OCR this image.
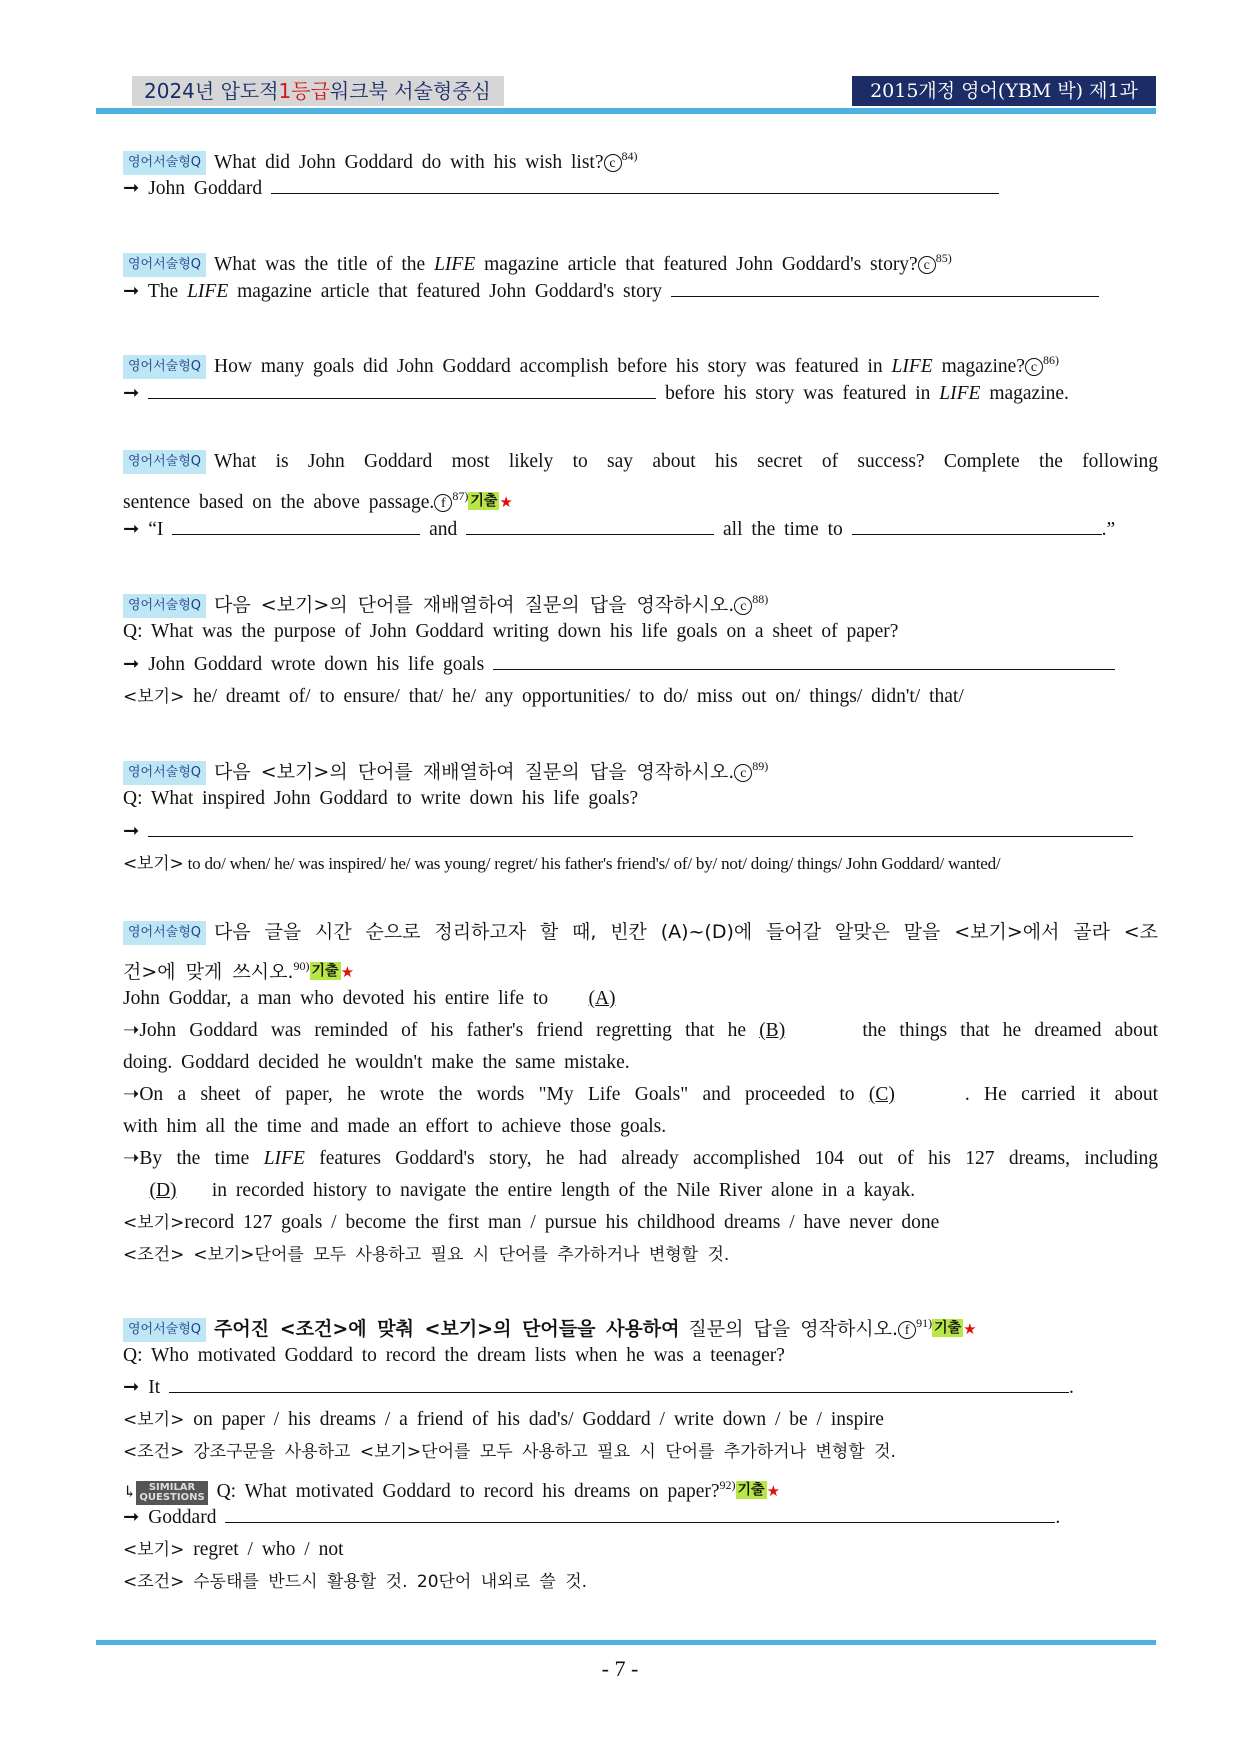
2024년 압도적1등급워크북 서술형중심	2015개정 영어(YBM 박) 제1과
영어서술형Q What did John Goddard do with his wish list? c $^{84)}$
➞ John Goddard
영어서술형Q What was the title of the LIFE magazine article that featured John Goddard's story? c $^{85)}$
➞ The LIFE magazine article that featured John Goddard's story
영어서술형Q How many goals did John Goddard accomplish before his story was featured in LIFE magazine? c $^{86)}$
➞	before his story was featured in LIFE magazine.
영어서술형Q What is John Goddard most likely to say about his secret of success? Complete the following
sentence based on the above passage. f $^{87)}$ 기출 ★
➞ “I	and	all the time to	.”
영어서술형Q 다음 <보기>의 단어를 재배열하여 질문의 답을 영작하시오. c $^{88)}$
Q: What was the purpose of John Goddard writing down his life goals on a sheet of paper?
➞ John Goddard wrote down his life goals
<보기> he/ dreamt of/ to ensure/ that/ he/ any opportunities/ to do/ miss out on/ things/ didn't/ that/
영어서술형Q 다음 <보기>의 단어를 재배열하여 질문의 답을 영작하시오. c $^{89)}$
Q: What inspired John Goddard to write down his life goals?
➞
<보기> to do/ when/ he/ was inspired/ he/ was young/ regret/ his father's friend's/ of/ by/ not/ doing/ things/ John Goddard/ wanted/
영어서술형Q 다음 글을 시간 순으로 정리하고자 할 때, 빈칸 (A)~(D)에 들어갈 알맞은 말을 <보기>에서 골라 <조
건>에 맞게 쓰시오.$^{90)}$ 기출 ★
John Goddar, a man who devoted his entire life to (A)
➝John Goddard was reminded of his father's friend regretting that he (B)	the things that he dreamed about
doing. Goddard decided he wouldn't make the same mistake.
➝On a sheet of paper, he wrote the words "My Life Goals" and proceeded to (C)	. He carried it about
with him all the time and made an effort to achieve those goals.
➝By the time LIFE features Goddard's story, he had already accomplished 104 out of his 127 dreams, including
(D) in recorded history to navigate the entire length of the Nile River alone in a kayak.
<보기>record 127 goals / become the first man / pursue his childhood dreams / have never done
<조건> <보기>단어를 모두 사용하고 필요 시 단어를 추가하거나 변형할 것.
영어서술형Q 주어진 <조건>에 맞춰 <보기>의 단어들을 사용하여 질문의 답을 영작하시오. f $^{91)}$ 기출 ★
Q: Who motivated Goddard to record the dream lists when he was a teenager?
➞ It	.
<보기> on paper / his dreams / a friend of his dad's/ Goddard / write down / be / inspire
<조건> 강조구문을 사용하고 <보기>단어를 모두 사용하고 필요 시 단어를 추가하거나 변형할 것.
↳ SIMILAR
QUESTIONS Q: What motivated Goddard to record his dreams on paper?$^{92)}$ 기출 ★
➞ Goddard	.
<보기> regret / who / not
<조건> 수동태를 반드시 활용할 것. 20단어 내외로 쓸 것.
- 7 -
